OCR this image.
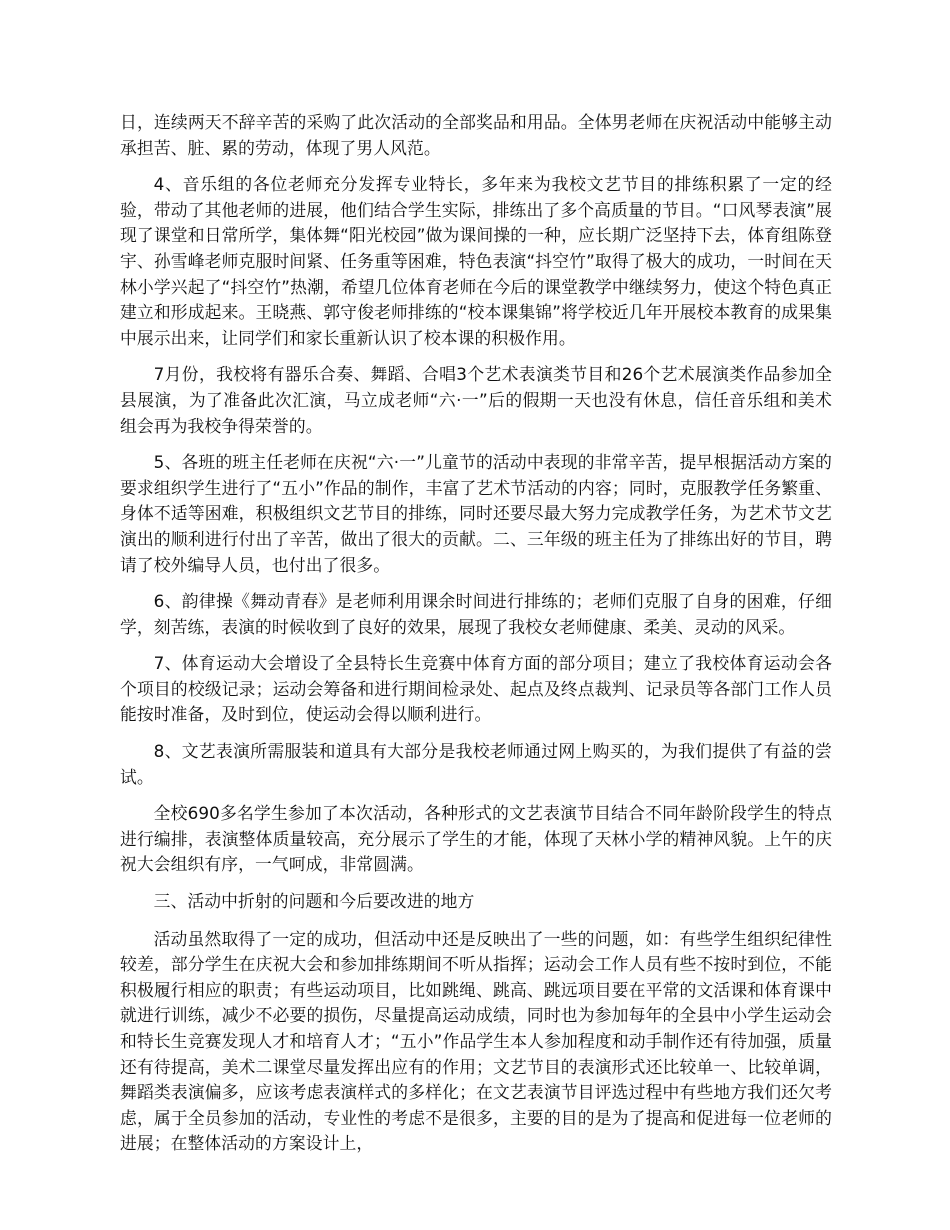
日，连续两天不辞辛苦的采购了此次活动的全部奖品和用品。全体男老师在庆祝活动中能够主动承担苦、脏、累的劳动，体现了男人风范。

4、音乐组的各位老师充分发挥专业特长，多年来为我校文艺节目的排练积累了一定的经验，带动了其他老师的进展，他们结合学生实际，排练出了多个高质量的节目。“口风琴表演”展现了课堂和日常所学，集体舞“阳光校园”做为课间操的一种，应长期广泛坚持下去，体育组陈登宇、孙雪峰老师克服时间紧、任务重等困难，特色表演“抖空竹”取得了极大的成功，一时间在天林小学兴起了“抖空竹”热潮，希望几位体育老师在今后的课堂教学中继续努力，使这个特色真正建立和形成起来。王晓燕、郭守俊老师排练的“校本课集锦”将学校近几年开展校本教育的成果集中展示出来，让同学们和家长重新认识了校本课的积极作用。

7月份，我校将有器乐合奏、舞蹈、合唱3个艺术表演类节目和26个艺术展演类作品参加全县展演，为了准备此次汇演，马立成老师“六·一”后的假期一天也没有休息，信任音乐组和美术组会再为我校争得荣誉的。

5、各班的班主任老师在庆祝“六·一”儿童节的活动中表现的非常辛苦，提早根据活动方案的要求组织学生进行了“五小”作品的制作，丰富了艺术节活动的内容；同时，克服教学任务繁重、身体不适等困难，积极组织文艺节目的排练，同时还要尽最大努力完成教学任务，为艺术节文艺演出的顺利进行付出了辛苦，做出了很大的贡献。二、三年级的班主任为了排练出好的节目，聘请了校外编导人员，也付出了很多。

6、韵律操《舞动青春》是老师利用课余时间进行排练的；老师们克服了自身的困难，仔细学，刻苦练，表演的时候收到了良好的效果，展现了我校女老师健康、柔美、灵动的风采。

7、体育运动大会增设了全县特长生竞赛中体育方面的部分项目；建立了我校体育运动会各个项目的校级记录；运动会筹备和进行期间检录处、起点及终点裁判、记录员等各部门工作人员能按时准备，及时到位，使运动会得以顺利进行。

8、文艺表演所需服装和道具有大部分是我校老师通过网上购买的，为我们提供了有益的尝试。

全校690多名学生参加了本次活动，各种形式的文艺表演节目结合不同年龄阶段学生的特点进行编排，表演整体质量较高，充分展示了学生的才能，体现了天林小学的精神风貌。上午的庆祝大会组织有序，一气呵成，非常圆满。

三、活动中折射的问题和今后要改进的地方

活动虽然取得了一定的成功，但活动中还是反映出了一些的问题，如：有些学生组织纪律性较差，部分学生在庆祝大会和参加排练期间不听从指挥；运动会工作人员有些不按时到位，不能积极履行相应的职责；有些运动项目，比如跳绳、跳高、跳远项目要在平常的文活课和体育课中就进行训练，减少不必要的损伤，尽量提高运动成绩，同时也为参加每年的全县中小学生运动会和特长生竞赛发现人才和培育人才；“五小”作品学生本人参加程度和动手制作还有待加强，质量还有待提高，美术二课堂尽量发挥出应有的作用；文艺节目的表演形式还比较单一、比较单调，舞蹈类表演偏多，应该考虑表演样式的多样化；在文艺表演节目评选过程中有些地方我们还欠考虑，属于全员参加的活动，专业性的考虑不是很多，主要的目的是为了提高和促进每一位老师的进展；在整体活动的方案设计上，
